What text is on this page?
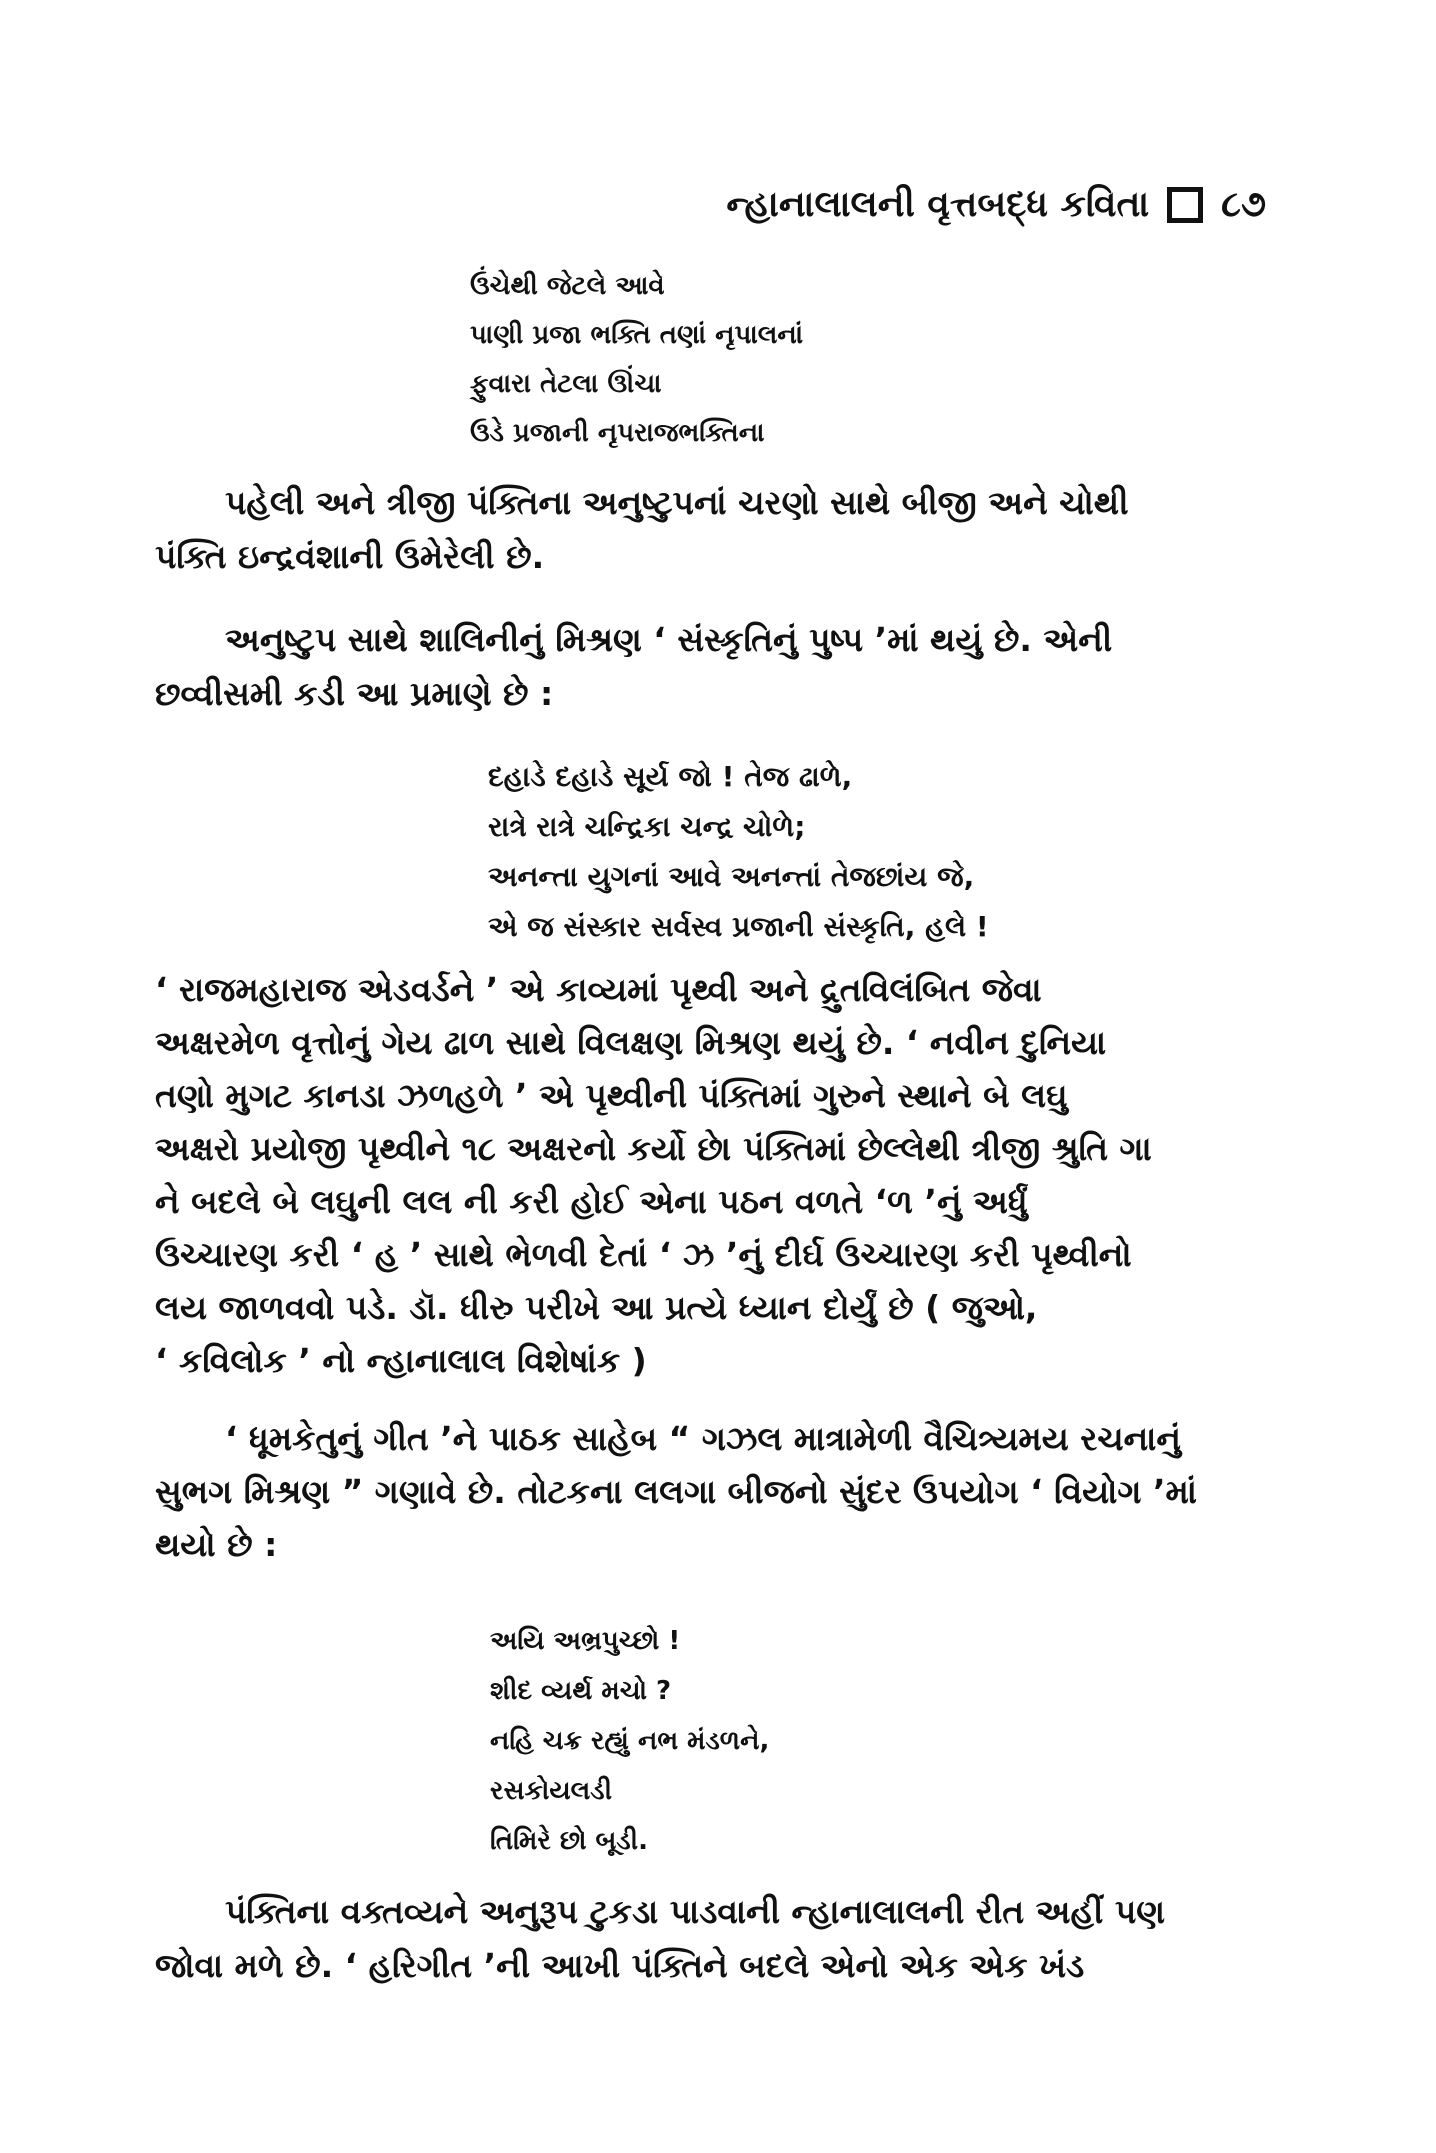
ન્હાનાલાલની વૃત્તબદ્ધ કવિતા ૮૭
ઉંચેથી જેટલે આવે
પાણી પ્રજા ભક્તિ તણાં નૃપાલનાં
ફુવારા તેટલા ઊંચા
ઉડે પ્રજાની નૃપરાજભક્તિના
પહેલી અને ત્રીજી પંક્તિના અનુષ્ટુપનાં ચરણો સાથે બીજી અને ચોથી
પંક્તિ ઇન્દ્રવંશાની ઉમેરેલી છે.
અનુષ્ટુપ સાથે શાલિનીનું મિશ્રણ ‘ સંસ્કૃતિનું પુષ્પ ’માં થયું છે. એની
છવ્વીસમી કડી આ પ્રમાણે છે :
દહાડે દહાડે સૂર્ય જો ! તેજ ઢાળે,
રાત્રે રાત્રે ચન્દ્રિકા ચન્દ્ર ચોળે;
અનન્તા યુગનાં આવે અનન્તાં તેજછાંય જે,
એ જ સંસ્કાર સર્વસ્વ પ્રજાની સંસ્કૃતિ, હલે !
‘ રાજમહારાજ એડવર્ડને ’ એ કાવ્યમાં પૃથ્વી અને દ્રુતવિલંબિત જેવા
અક્ષરમેળ વૃત્તોનું ગેય ઢાળ સાથે વિલક્ષણ મિશ્રણ થયું છે. ‘ નવીન દુનિયા
તણો મુગટ કાનડા ઝળહળે ’ એ પૃથ્વીની પંક્તિમાં ગુરુને સ્થાને બે લઘુ
અક્ષરો પ્રયોજી પૃથ્વીને ૧૮ અક્ષરનો કર્યો છે। પંક્તિમાં છેલ્લેથી ત્રીજી શ્રુતિ ગા
ને બદલે બે લઘુની લલ ની કરી હોઈ એના પઠન વળતે ‘ળ ’નું અર્ધું
ઉચ્ચારણ કરી ‘ હ ’ સાથે ભેળવી દેતાં ‘ ઝ ’નું દીર્ઘ ઉચ્ચારણ કરી પૃથ્વીનો
લય જાળવવો પડે. ડૉ. ધીરુ પરીખે આ પ્રત્યે ધ્યાન દોર્યું છે ( જુઓ,
‘ કવિલોક ’ નો ન્હાનાલાલ વિશેષાંક )
‘ ધૂમકેતુનું ગીત ’ને પાઠક સાહેબ “ ગઝલ માત્રામેળી વૈચિત્ર્યમય રચનાનું
સુભગ મિશ્રણ ” ગણાવે છે. તોટકના લલગા બીજનો સુંદર ઉપયોગ ‘ વિયોગ ’માં
થયો છે :
અયિ અભ્રપુચ્છો !
શીદ વ્યર્થ મચો ?
નહિ ચક્ર રહ્યું નભ મંડળને,
રસકોયલડી
તિમિરે છો બૂડી.
પંક્તિના વક્તવ્યને અનુરૂપ ટુકડા પાડવાની ન્હાનાલાલની રીત અહીં પણ
જોવા મળે છે. ‘ હરિગીત ’ની આખી પંક્તિને બદલે એનો એક એક ખંડ
